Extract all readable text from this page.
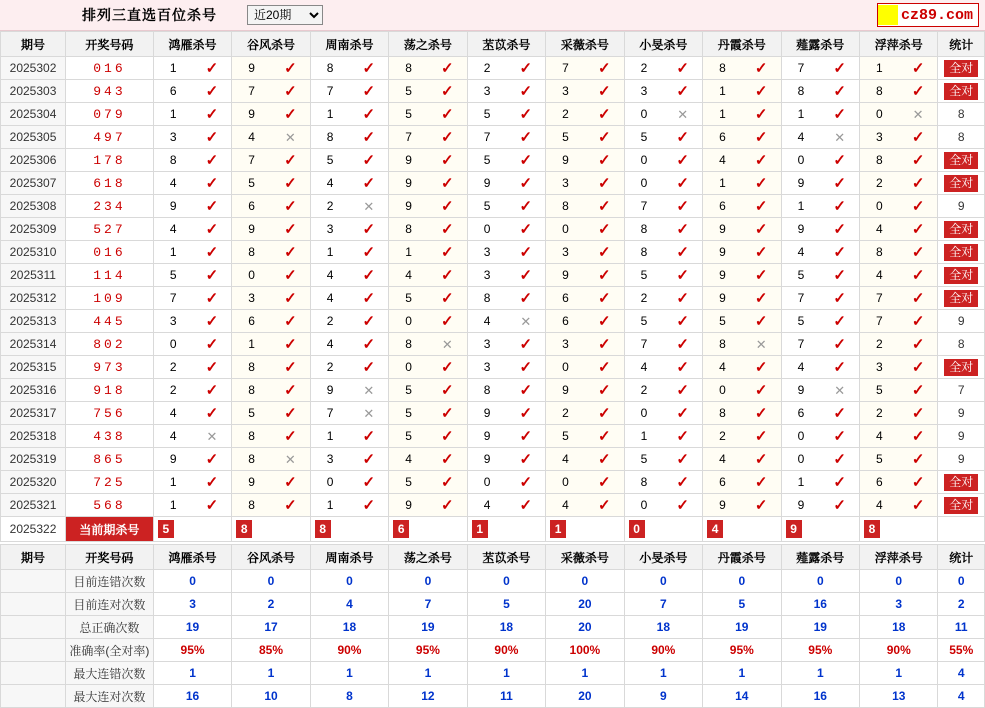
排列三直选百位杀号
近20期	cz89.com
期号	开奖号码	鸿雁杀号	谷风杀号	周南杀号	荡之杀号	苤苡杀号	采薇杀号	小旻杀号	丹霞杀号	薤露杀号	浮萍杀号	统计
2025302	016	1 ✓	9 ✓	8 ✓	8 ✓	2 ✓	7 ✓	2 ✓	8 ✓	7 ✓	1 ✓	全对
2025303	943	6 ✓	7 ✓	7 ✓	5 ✓	3 ✓	3 ✓	3 ✓	1 ✓	8 ✓	8 ✓	全对
2025304	079	1 ✓	9 ✓	1 ✓	5 ✓	5 ✓	2 ✓	0 ✕	1 ✓	1 ✓	0 ✕	8
2025305	497	3 ✓	4 ✕	8 ✓	7 ✓	7 ✓	5 ✓	5 ✓	6 ✓	4 ✕	3 ✓	8
2025306	178	8 ✓	7 ✓	5 ✓	9 ✓	5 ✓	9 ✓	0 ✓	4 ✓	0 ✓	8 ✓	全对
2025307	618	4 ✓	5 ✓	4 ✓	9 ✓	9 ✓	3 ✓	0 ✓	1 ✓	9 ✓	2 ✓	全对
2025308	234	9 ✓	6 ✓	2 ✕	9 ✓	5 ✓	8 ✓	7 ✓	6 ✓	1 ✓	0 ✓	9
2025309	527	4 ✓	9 ✓	3 ✓	8 ✓	0 ✓	0 ✓	8 ✓	9 ✓	9 ✓	4 ✓	全对
2025310	016	1 ✓	8 ✓	1 ✓	1 ✓	3 ✓	3 ✓	8 ✓	9 ✓	4 ✓	8 ✓	全对
2025311	114	5 ✓	0 ✓	4 ✓	4 ✓	3 ✓	9 ✓	5 ✓	9 ✓	5 ✓	4 ✓	全对
2025312	109	7 ✓	3 ✓	4 ✓	5 ✓	8 ✓	6 ✓	2 ✓	9 ✓	7 ✓	7 ✓	全对
2025313	445	3 ✓	6 ✓	2 ✓	0 ✓	4 ✕	6 ✓	5 ✓	5 ✓	5 ✓	7 ✓	9
2025314	802	0 ✓	1 ✓	4 ✓	8 ✕	3 ✓	3 ✓	7 ✓	8 ✕	7 ✓	2 ✓	8
2025315	973	2 ✓	8 ✓	2 ✓	0 ✓	3 ✓	0 ✓	4 ✓	4 ✓	4 ✓	3 ✓	全对
2025316	918	2 ✓	8 ✓	9 ✕	5 ✓	8 ✓	9 ✓	2 ✓	0 ✓	9 ✕	5 ✓	7
2025317	756	4 ✓	5 ✓	7 ✕	5 ✓	9 ✓	2 ✓	0 ✓	8 ✓	6 ✓	2 ✓	9
2025318	438	4 ✕	8 ✓	1 ✓	5 ✓	9 ✓	5 ✓	1 ✓	2 ✓	0 ✓	4 ✓	9
2025319	865	9 ✓	8 ✕	3 ✓	4 ✓	9 ✓	4 ✓	5 ✓	4 ✓	0 ✓	5 ✓	9
2025320	725	1 ✓	9 ✓	0 ✓	5 ✓	0 ✓	0 ✓	8 ✓	6 ✓	1 ✓	6 ✓	全对
2025321	568	1 ✓	8 ✓	1 ✓	9 ✓	4 ✓	4 ✓	0 ✓	9 ✓	9 ✓	4 ✓	全对
2025322	当前期杀号	5	8	8	6	1	1	0	4	9	8	
期号	开奖号码	鸿雁杀号	谷风杀号	周南杀号	荡之杀号	苤苡杀号	采薇杀号	小旻杀号	丹霞杀号	薤露杀号	浮萍杀号	统计
	目前连错次数	0	0	0	0	0	0	0	0	0	0	0
	目前连对次数	3	2	4	7	5	20	7	5	16	3	2
	总正确次数	19	17	18	19	18	20	18	19	19	18	11
	准确率(全对率)	95%	85%	90%	95%	90%	100%	90%	95%	95%	90%	55%
	最大连错次数	1	1	1	1	1	1	1	1	1	1	4
	最大连对次数	16	10	8	12	11	20	9	14	16	13	4
